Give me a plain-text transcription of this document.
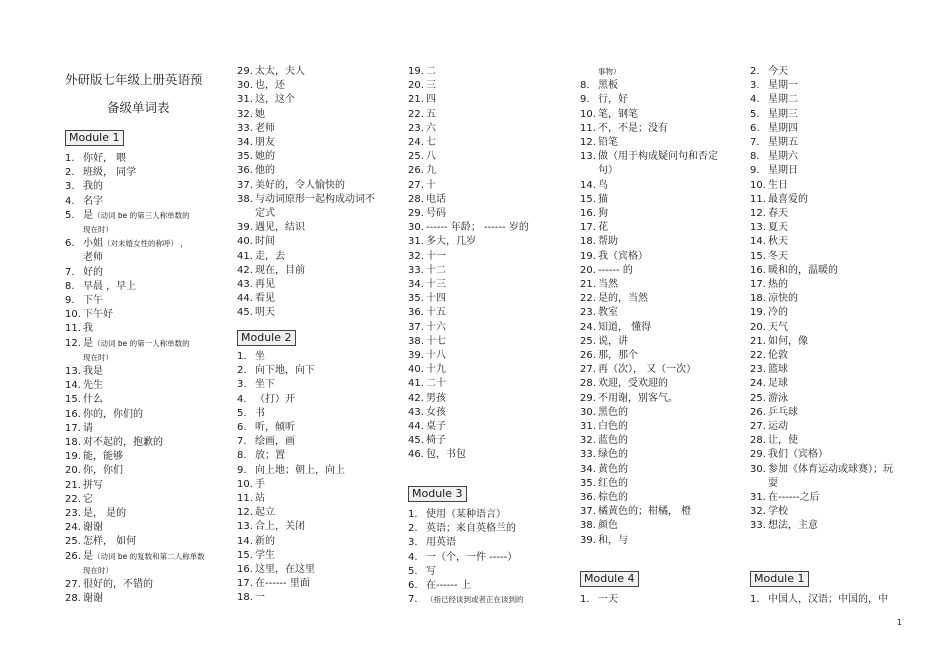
外研版七年级上册英语预
备级单词表
Module 1
1. 你好， 喂
2. 班级， 同学
3. 我的
4. 名字
5. 是（动词 be 的第三人称单数的
现在时）
6. 小姐（对未婚女性的称呼） ，
老师
7. 好的
8. 早晨 ，早上
9. 下午
10. 下午好
11. 我
12. 是（动词 be 的第一人称单数的
现在时）
13. 我是
14. 先生
15. 什么
16. 你的，你们的
17. 请
18. 对不起的，抱歉的
19. 能，能够
20. 你，你们
21. 拼写
22. 它
23. 是， 是的
24. 谢谢
25. 怎样， 如何
26. 是（动词 be 的复数和第二人称单数
现在时）
27. 很好的，不错的
28. 谢谢
29. 太太，夫人
30. 也，还
31. 这，这个
32. 她
33. 老师
34. 朋友
35. 她的
36. 他的
37. 美好的，令人愉快的
38. 与动词原形一起构成动词不
定式
39. 遇见，结识
40. 时间
41. 走，去
42. 现在，目前
43. 再见
44. 看见
45. 明天
Module 2
1. 坐
2. 向下地，向下
3. 坐下
4. （打）开
5. 书
6. 听，倾听
7. 绘画，画
8. 放；置
9. 向上地；朝上，向上
10. 手
11. 站
12. 起立
13. 合上，关闭
14. 新的
15. 学生
16. 这里，在这里
17. 在------ 里面
18. 一
19. 二
20. 三
21. 四
22. 五
23. 六
24. 七
25. 八
26. 九
27. 十
28. 电话
29. 号码
30. ------ 年龄； ------ 岁的
31. 多大，几岁
32. 十一
33. 十二
34. 十三
35. 十四
36. 十五
37. 十六
38. 十七
39. 十八
40. 十九
41. 二十
42. 男孩
43. 女孩
44. 桌子
45. 椅子
46. 包，书包
Module 3
1. 使用（某种语言）
2. 英语；来自英格兰的
3. 用英语
4. 一（个，一件 -----）
5. 写
6. 在------ 上
7.	（指已经谈到或者正在谈到的
事物）
8. 黑板
9. 行，好
10. 笔，钢笔
11. 不，不是；没有
12. 铅笔
13. 做（用于构成疑问句和否定
句）
14. 鸟
15. 猫
16. 狗
17. 花
18. 帮助
19. 我（宾格）
20. ------ 的
21. 当然
22. 是的，当然
23. 教室
24. 知道， 懂得
25. 说，讲
26. 那，那个
27. 再（次）， 又（一次）
28. 欢迎，受欢迎的
29. 不用谢，别客气。
30. 黑色的
31. 白色的
32. 蓝色的
33. 绿色的
34. 黄色的
35. 红色的
36. 棕色的
37. 橘黄色的；柑橘， 橙
38. 颜色
39. 和，与
Module 4
1. 一天
2. 今天
3. 星期一
4. 星期二
5. 星期三
6. 星期四
7. 星期五
8. 星期六
9. 星期日
10. 生日
11. 最喜爱的
12. 春天
13. 夏天
14. 秋天
15. 冬天
16. 暖和的，温暖的
17. 热的
18. 凉快的
19. 冷的
20. 天气
21. 如何，像
22. 伦敦
23. 篮球
24. 足球
25. 游泳
26. 乒乓球
27. 运动
28. 让，使
29. 我们（宾格）
30. 参加《体育运动或球赛）；玩
耍
31. 在------之后
32. 学校
33. 想法，主意
Module 1
1. 中国人，汉语；中国的，中
1
